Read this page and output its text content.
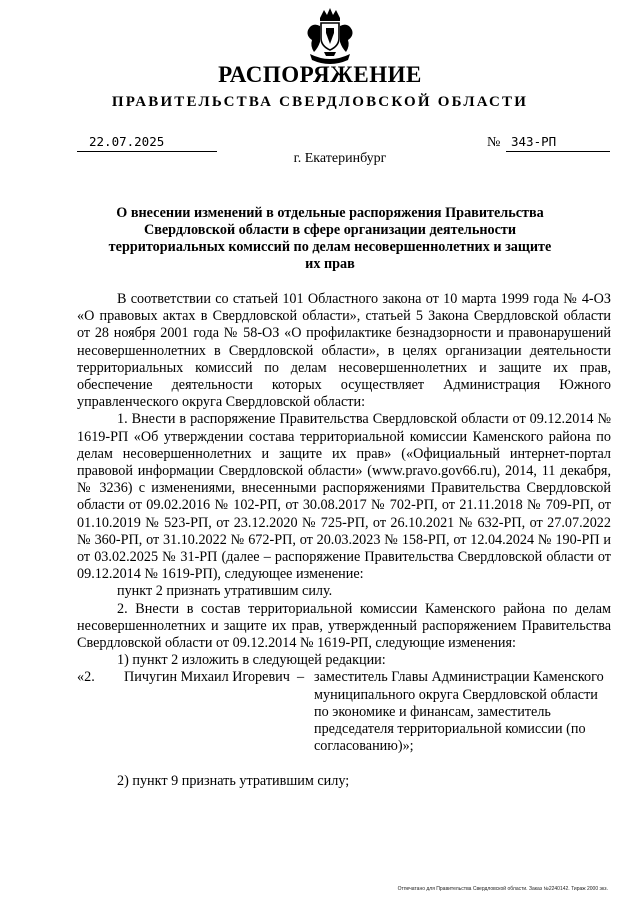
РАСПОРЯЖЕНИЕ
ПРАВИТЕЛЬСТВА СВЕРДЛОВСКОЙ ОБЛАСТИ
22.07.2025	№ 343-РП
г. Екатеринбург
О внесении изменений в отдельные распоряжения Правительства Свердловской области в сфере организации деятельности территориальных комиссий по делам несовершеннолетних и защите их прав

В соответствии со статьей 101 Областного закона от 10 марта 1999 года № 4-ОЗ «О правовых актах в Свердловской области», статьей 5 Закона Свердловской области от 28 ноября 2001 года № 58-ОЗ «О профилактике безнадзорности и правонарушений несовершеннолетних в Свердловской области», в целях организации деятельности территориальных комиссий по делам несовершеннолетних и защите их прав, обеспечение деятельности которых осуществляет Администрация Южного управленческого округа Свердловской области:

1. Внести в распоряжение Правительства Свердловской области от 09.12.2014 № 1619-РП «Об утверждении состава территориальной комиссии Каменского района по делам несовершеннолетних и защите их прав» («Официальный интернет-портал правовой информации Свердловской области» (www.pravo.gov66.ru), 2014, 11 декабря, № 3236) с изменениями, внесенными распоряжениями Правительства Свердловской области от 09.02.2016 № 102-РП, от 30.08.2017 № 702-РП, от 21.11.2018 № 709-РП, от 01.10.2019 № 523-РП, от 23.12.2020 № 725-РП, от 26.10.2021 № 632-РП, от 27.07.2022 № 360-РП, от 31.10.2022 № 672-РП, от 20.03.2023 № 158-РП, от 12.04.2024 № 190-РП и от 03.02.2025 № 31-РП (далее – распоряжение Правительства Свердловской области от 09.12.2014 № 1619-РП), следующее изменение:

пункт 2 признать утратившим силу.

2. Внести в состав территориальной комиссии Каменского района по делам несовершеннолетних и защите их прав, утвержденный распоряжением Правительства Свердловской области от 09.12.2014 № 1619-РП, следующие изменения:

1) пункт 2 изложить в следующей редакции:

«2. Пичугин Михаил Игоревич – заместитель Главы Администрации Каменского муниципального округа Свердловской области по экономике и финансам, заместитель председателя территориальной комиссии (по согласованию)»;

2) пункт 9 признать утратившим силу;

Отпечатано для Правительства Свердловской области. Заказ №2240142. Тираж 2000 экз.
